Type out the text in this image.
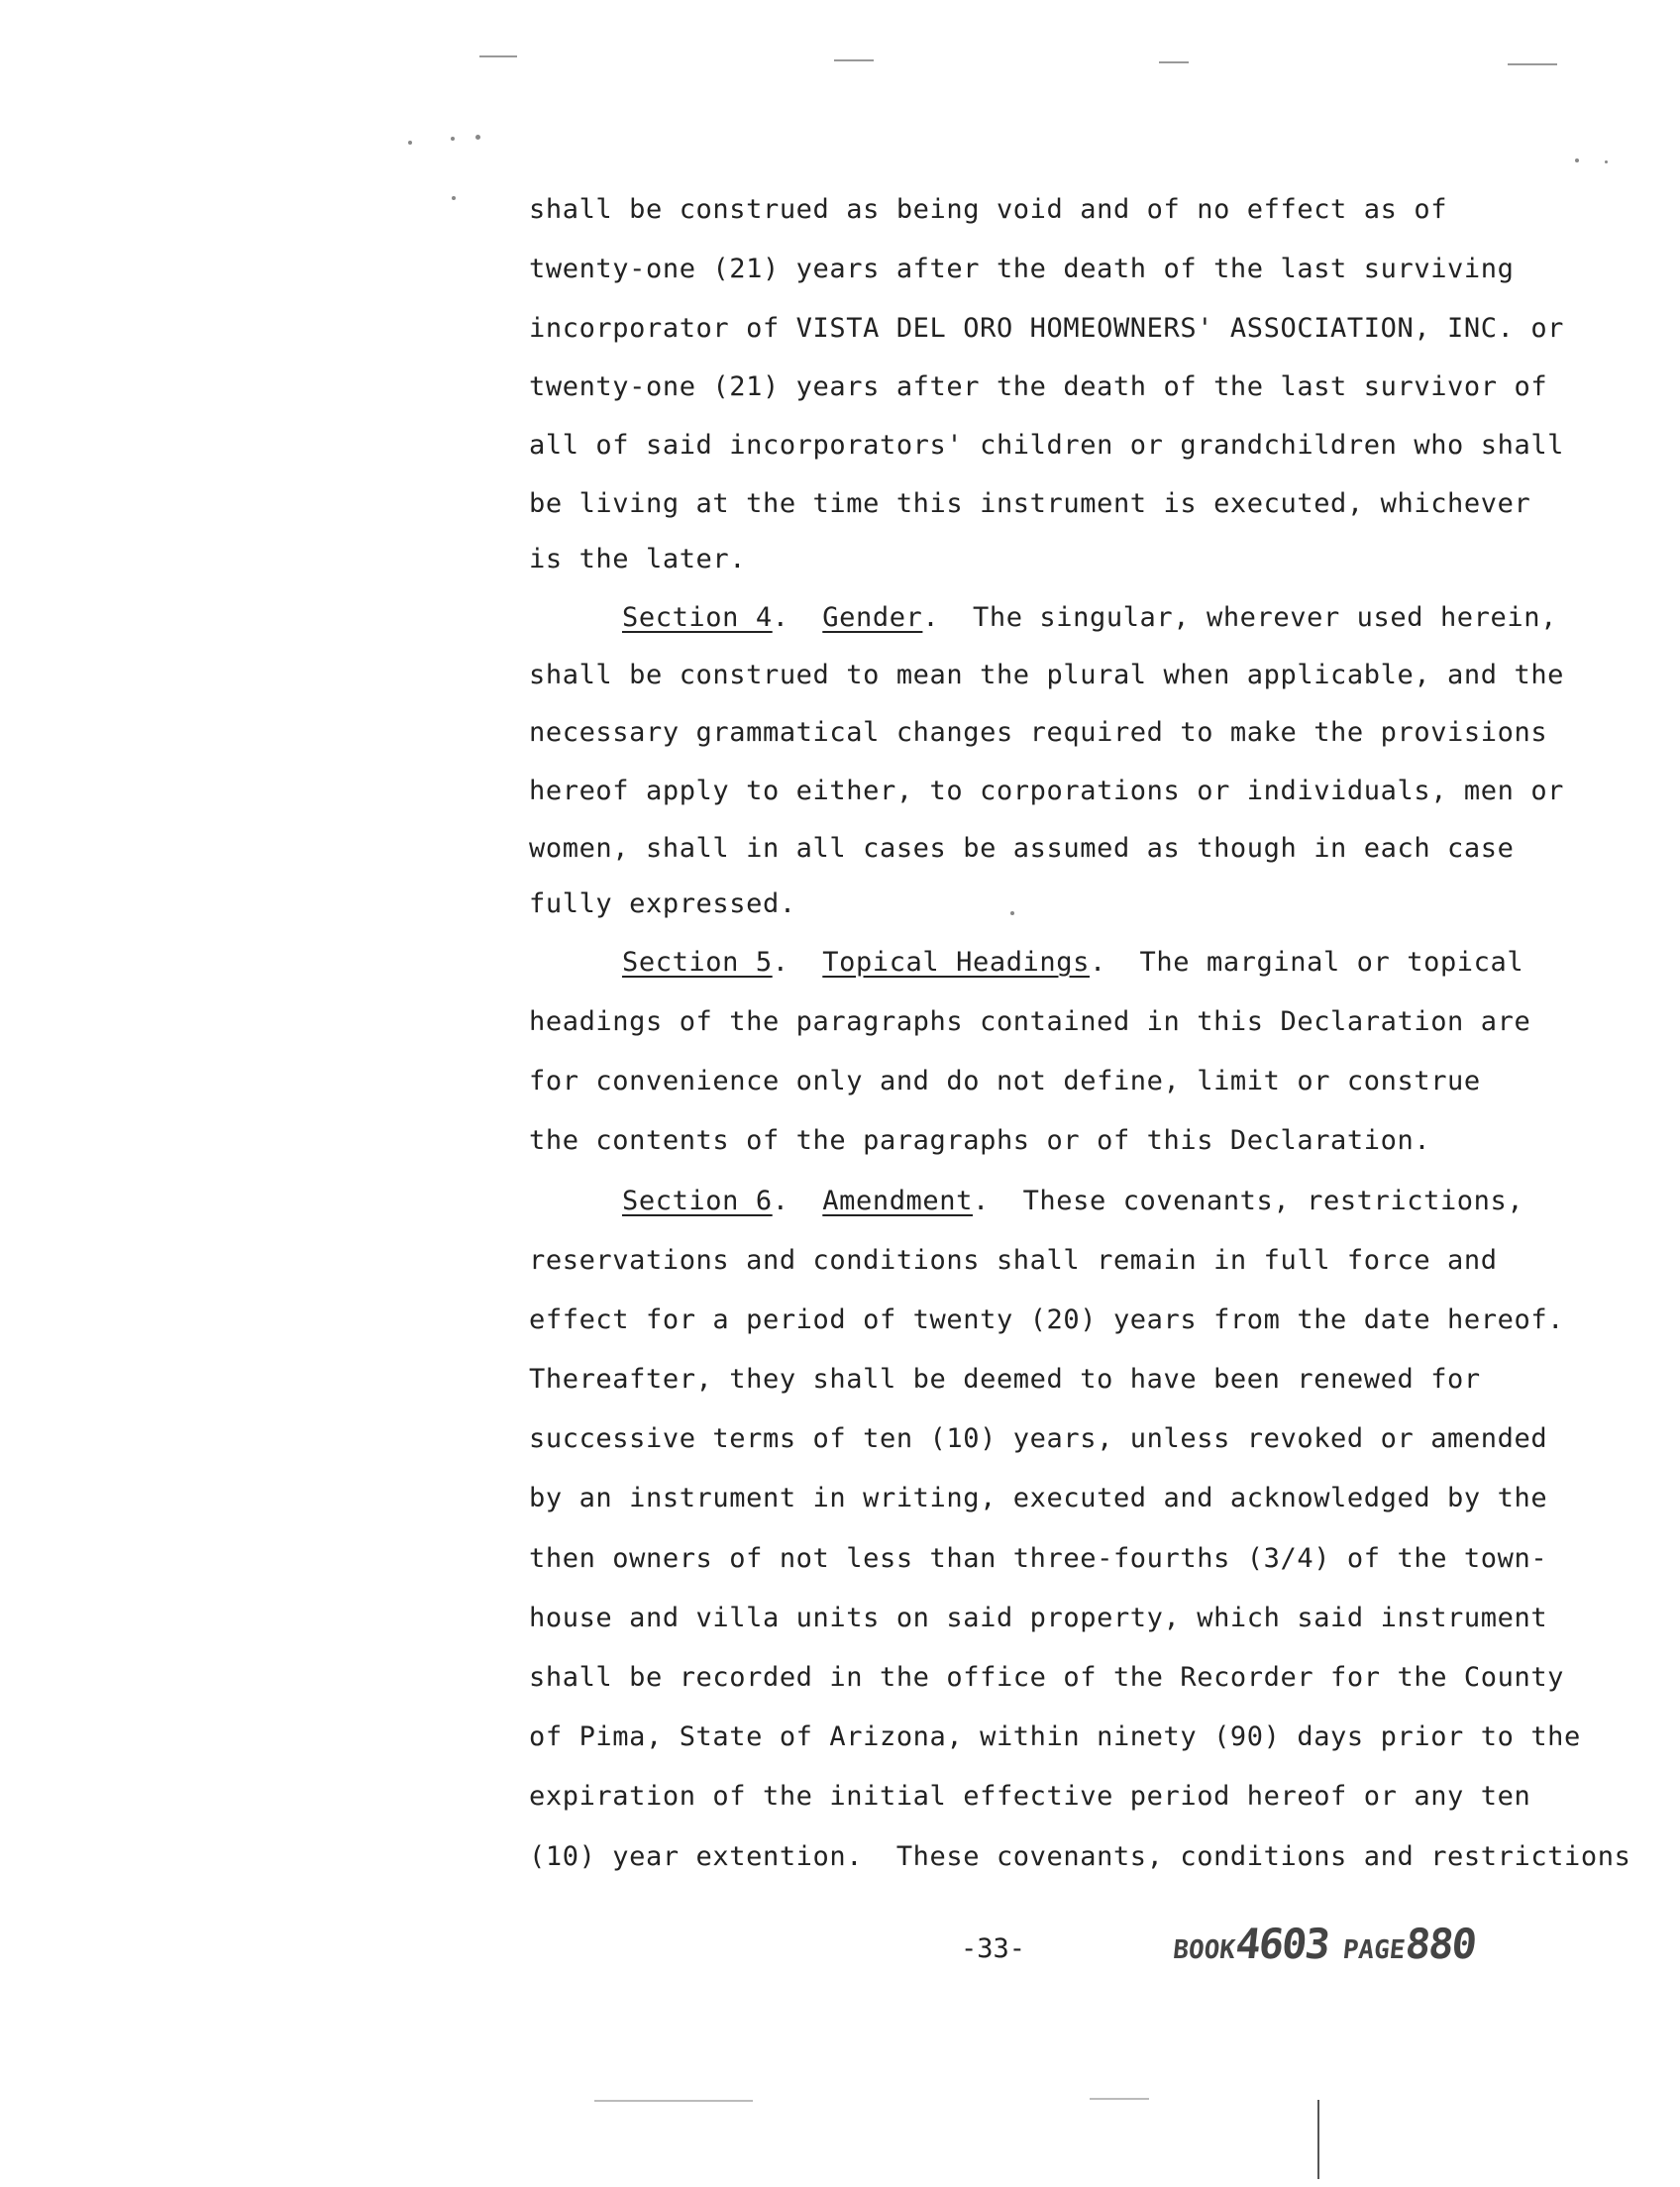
shall be construed as being void and of no effect as of
twenty-one (21) years after the death of the last surviving
incorporator of VISTA DEL ORO HOMEOWNERS' ASSOCIATION, INC. or
twenty-one (21) years after the death of the last survivor of
all of said incorporators' children or grandchildren who shall
be living at the time this instrument is executed, whichever
is the later.
Section 4.  Gender.  The singular, wherever used herein,
shall be construed to mean the plural when applicable, and the
necessary grammatical changes required to make the provisions
hereof apply to either, to corporations or individuals, men or
women, shall in all cases be assumed as though in each case
fully expressed.
Section 5.  Topical Headings.  The marginal or topical
headings of the paragraphs contained in this Declaration are
for convenience only and do not define, limit or construe
the contents of the paragraphs or of this Declaration.
Section 6.  Amendment.  These covenants, restrictions,
reservations and conditions shall remain in full force and
effect for a period of twenty (20) years from the date hereof.
Thereafter, they shall be deemed to have been renewed for
successive terms of ten (10) years, unless revoked or amended
by an instrument in writing, executed and acknowledged by the
then owners of not less than three-fourths (3/4) of the town-
house and villa units on said property, which said instrument
shall be recorded in the office of the Recorder for the County
of Pima, State of Arizona, within ninety (90) days prior to the
expiration of the initial effective period hereof or any ten
(10) year extention.  These covenants, conditions and restrictions
-33-	BOOK4603 PAGE880
